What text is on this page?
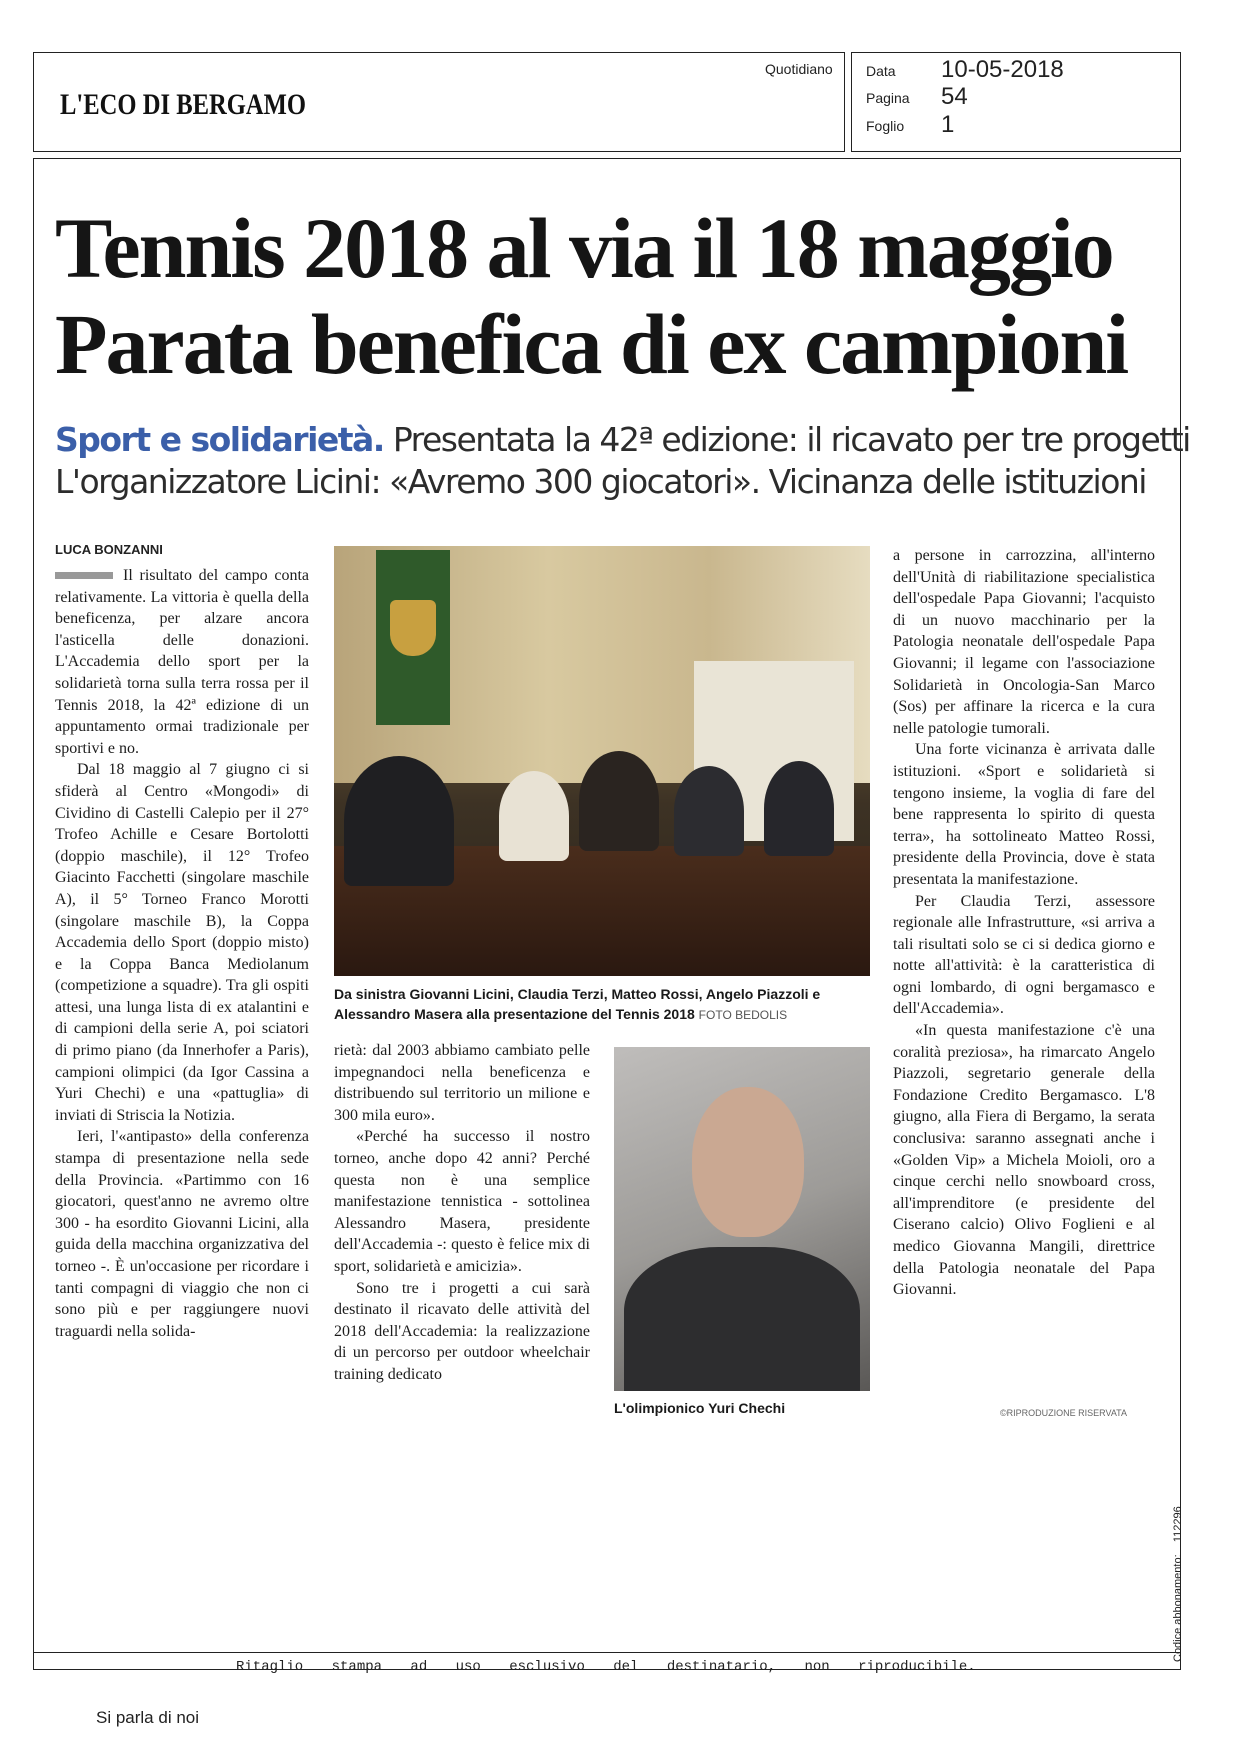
L'ECO DI BERGAMO
Quotidiano Data 10-05-2018
Pagina 54
Foglio 1
Tennis 2018 al via il 18 maggio
Parata benefica di ex campioni
Sport e solidarietà. Presentata la 42ª edizione: il ricavato per tre progetti
L'organizzatore Licini: «Avremo 300 giocatori». Vicinanza delle istituzioni
LUCA BONZANNI

Il risultato del campo conta relativamente. La vittoria è quella della beneficenza, per alzare ancora l'asticella delle donazioni. L'Accademia dello sport per la solidarietà torna sulla terra rossa per il Tennis 2018, la 42ª edizione di un appuntamento ormai tradizionale per sportivi e no.

Dal 18 maggio al 7 giugno ci si sfiderà al Centro «Mongodi» di Cividino di Castelli Calepio per il 27° Trofeo Achille e Cesare Bortolotti (doppio maschile), il 12° Trofeo Giacinto Facchetti (singolare maschile A), il 5° Torneo Franco Morotti (singolare maschile B), la Coppa Accademia dello Sport (doppio misto) e la Coppa Banca Mediolanum (competizione a squadre). Tra gli ospiti attesi, una lunga lista di ex atalantini e di campioni della serie A, poi sciatori di primo piano (da Innerhofer a Paris), campioni olimpici (da Igor Cassina a Yuri Chechi) e una «pattuglia» di inviati di Striscia la Notizia.

Ieri, l'«antipasto» della conferenza stampa di presentazione nella sede della Provincia. «Partimmo con 16 giocatori, quest'anno ne avremo oltre 300 - ha esordito Giovanni Licini, alla guida della macchina organizzativa del torneo -. È un'occasione per ricordare i tanti compagni di viaggio che non ci sono più e per raggiungere nuovi traguardi nella solida-

Da sinistra Giovanni Licini, Claudia Terzi, Matteo Rossi, Angelo Piazzoli e Alessandro Masera alla presentazione del Tennis 2018 FOTO BEDOLIS

rietà: dal 2003 abbiamo cambiato pelle impegnandoci nella beneficenza e distribuendo sul territorio un milione e 300 mila euro».

«Perché ha successo il nostro torneo, anche dopo 42 anni? Perché questa non è una semplice manifestazione tennistica - sottolinea Alessandro Masera, presidente dell'Accademia -: questo è felice mix di sport, solidarietà e amicizia».

Sono tre i progetti a cui sarà destinato il ricavato delle attività del 2018 dell'Accademia: la realizzazione di un percorso per outdoor wheelchair training dedicato

L'olimpionico Yuri Chechi

a persone in carrozzina, all'interno dell'Unità di riabilitazione specialistica dell'ospedale Papa Giovanni; l'acquisto di un nuovo macchinario per la Patologia neonatale dell'ospedale Papa Giovanni; il legame con l'associazione Solidarietà in Oncologia-San Marco (Sos) per affinare la ricerca e la cura nelle patologie tumorali.

Una forte vicinanza è arrivata dalle istituzioni. «Sport e solidarietà si tengono insieme, la voglia di fare del bene rappresenta lo spirito di questa terra», ha sottolineato Matteo Rossi, presidente della Provincia, dove è stata presentata la manifestazione.

Per Claudia Terzi, assessore regionale alle Infrastrutture, «si arriva a tali risultati solo se ci si dedica giorno e notte all'attività: è la caratteristica di ogni lombardo, di ogni bergamasco e dell'Accademia».

«In questa manifestazione c'è una coralità preziosa», ha rimarcato Angelo Piazzoli, segretario generale della Fondazione Credito Bergamasco. L'8 giugno, alla Fiera di Bergamo, la serata conclusiva: saranno assegnati anche i «Golden Vip» a Michela Moioli, oro a cinque cerchi nello snowboard cross, all'imprenditore (e presidente del Ciserano calcio) Olivo Foglieni e al medico Giovanna Mangili, direttrice della Patologia neonatale del Papa Giovanni.

©RIPRODUZIONE RISERVATA
Ritaglio stampa ad uso esclusivo del destinatario, non riproducibile.
Codice abbonamento:    112296
Si parla di noi
